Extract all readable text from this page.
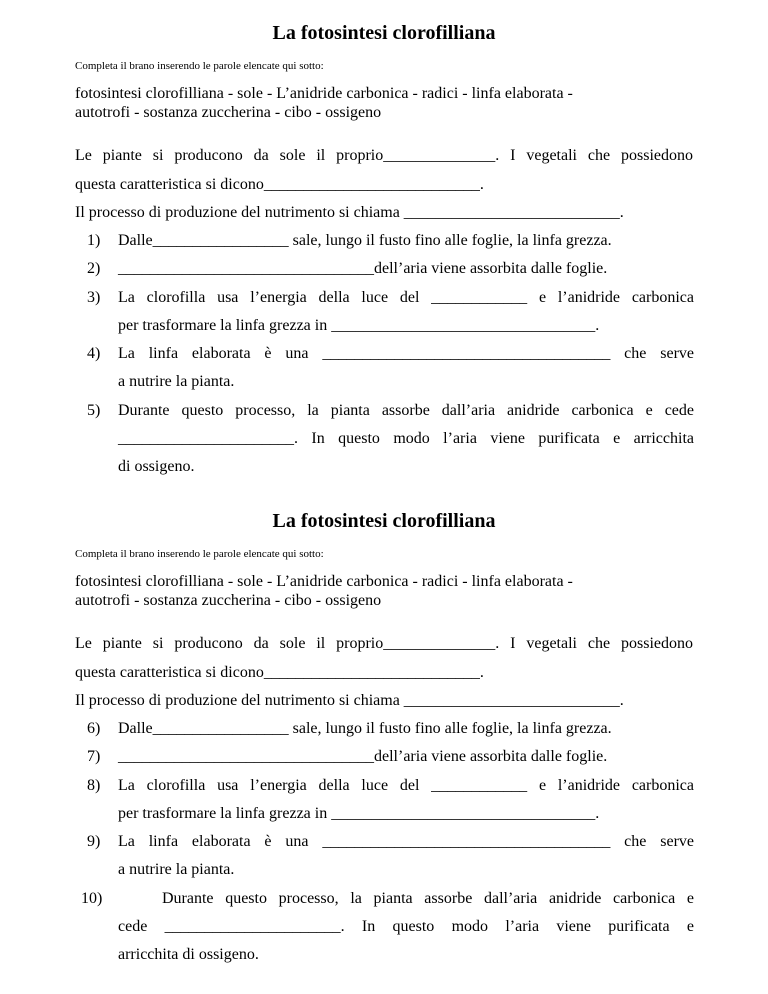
La fotosintesi clorofilliana
Completa il brano inserendo le parole elencate qui sotto:
fotosintesi clorofilliana - sole - L’anidride carbonica - radici - linfa elaborata -
autotrofi - sostanza zuccherina - cibo - ossigeno
Le piante si producono da sole il proprio______________. I vegetali che possiedono
questa caratteristica si dicono___________________________.
Il processo di produzione del nutrimento si chiama ___________________________.
1) Dalle_________________ sale, lungo il fusto fino alle foglie, la linfa grezza.
2) ________________________________dell’aria viene assorbita dalle foglie.
3) La clorofilla usa l’energia della luce del ____________ e l’anidride carbonica
per trasformare la linfa grezza in _________________________________.
4) La linfa elaborata è una ____________________________________ che serve
a nutrire la pianta.
5) Durante questo processo, la pianta assorbe dall’aria anidride carbonica e cede
______________________. In questo modo l’aria viene purificata e arricchita
di ossigeno.
La fotosintesi clorofilliana
Completa il brano inserendo le parole elencate qui sotto:
fotosintesi clorofilliana - sole - L’anidride carbonica - radici - linfa elaborata -
autotrofi - sostanza zuccherina - cibo - ossigeno
Le piante si producono da sole il proprio______________. I vegetali che possiedono
questa caratteristica si dicono___________________________.
Il processo di produzione del nutrimento si chiama ___________________________.
6) Dalle_________________ sale, lungo il fusto fino alle foglie, la linfa grezza.
7) ________________________________dell’aria viene assorbita dalle foglie.
8) La clorofilla usa l’energia della luce del ____________ e l’anidride carbonica
per trasformare la linfa grezza in _________________________________.
9) La linfa elaborata è una ____________________________________ che serve
a nutrire la pianta.
10)	Durante questo processo, la pianta assorbe dall’aria anidride carbonica e
cede ______________________. In questo modo l’aria viene purificata e
arricchita di ossigeno.
